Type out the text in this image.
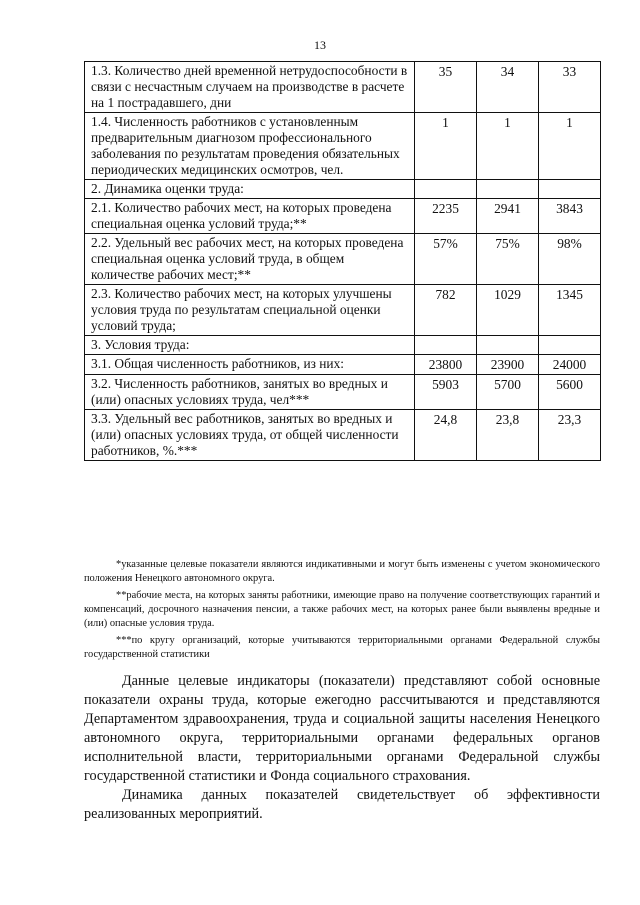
13
1.3. Количество дней временной нетрудоспособности в связи с несчастным случаем на производстве в расчете на 1 пострадавшего, дни	35	34	33
1.4. Численность работников с установленным предварительным диагнозом профессионального заболевания по результатам проведения обязательных периодических медицинских осмотров, чел.	1	1	1
2. Динамика оценки труда:			
2.1. Количество рабочих мест, на которых проведена специальная оценка условий труда;**	2235	2941	3843
2.2. Удельный вес рабочих мест, на которых проведена специальная оценка условий труда, в общем количестве рабочих мест;**	57%	75%	98%
2.3. Количество рабочих мест, на которых улучшены условия труда по результатам специальной оценки условий труда;	782	1029	1345
3. Условия труда:			
3.1. Общая численность работников, из них:	23800	23900	24000
3.2. Численность работников, занятых во вредных и (или) опасных условиях труда, чел***	5903	5700	5600
3.3. Удельный вес работников, занятых во вредных и (или) опасных условиях труда, от общей численности работников, %.***	24,8	23,8	23,3

*указанные целевые показатели являются индикативными и могут быть изменены с учетом экономического положения Ненецкого автономного округа.

**рабочие места, на которых заняты работники, имеющие право на получение соответствующих гарантий и компенсаций, досрочного назначения пенсии, а также рабочих мест, на которых ранее были выявлены вредные и (или) опасные условия труда.

***по кругу организаций, которые учитываются территориальными органами Федеральной службы государственной статистики

Данные целевые индикаторы (показатели) представляют собой основные показатели охраны труда, которые ежегодно рассчитываются и представляются Департаментом здравоохранения, труда и социальной защиты населения Ненецкого автономного округа, территориальными органами федеральных органов исполнительной власти, территориальными органами Федеральной службы государственной статистики и Фонда социального страхования.

Динамика данных показателей свидетельствует об эффективности реализованных мероприятий.
